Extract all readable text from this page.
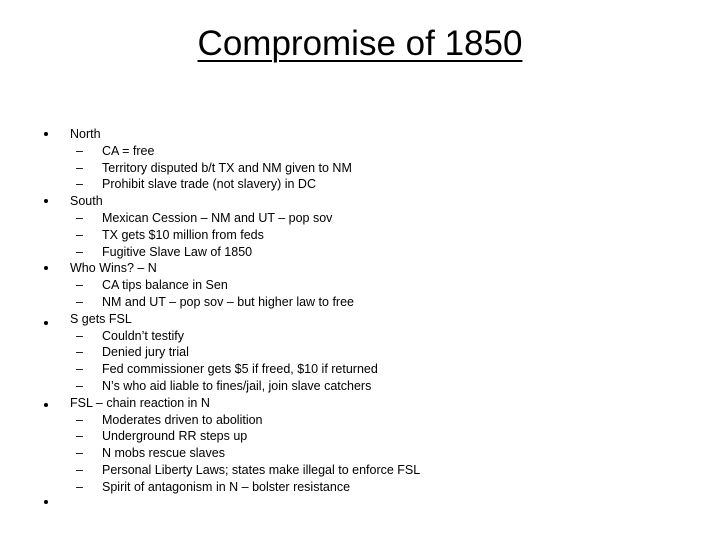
Compromise of 1850
North
– CA = free
– Territory disputed b/t TX and NM given to NM
– Prohibit slave trade (not slavery) in DC
South
– Mexican Cession – NM and UT – pop sov
– TX gets $10 million from feds
– Fugitive Slave Law of 1850
Who Wins? – N
– CA tips balance in Sen
– NM and UT – pop sov – but higher law to free
S gets FSL
– Couldn’t testify
– Denied jury trial
– Fed commissioner gets $5 if freed, $10 if returned
– N’s who aid liable to fines/jail, join slave catchers
FSL – chain reaction in N
– Moderates driven to abolition
– Underground RR steps up
– N mobs rescue slaves
– Personal Liberty Laws; states make illegal to enforce FSL
– Spirit of antagonism in N – bolster resistance
